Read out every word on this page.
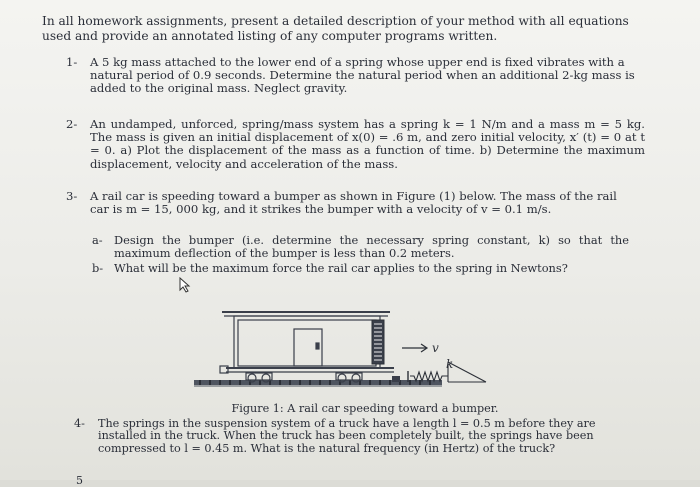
In all homework assignments, present a detailed description of your method with all equations used and provide an annotated listing of any computer programs written.
1- A 5 kg mass attached to the lower end of a spring whose upper end is fixed vibrates with a natural period of 0.9 seconds. Determine the natural period when an additional 2-kg mass is added to the original mass. Neglect gravity.
2- An undamped, unforced, spring/mass system has a spring k = 1 N/m and a mass m = 5 kg. The mass is given an initial displacement of x(0) = .6 m, and zero initial velocity, x′ (t) = 0 at t = 0. a) Plot the displacement of the mass as a function of time. b) Determine the maximum displacement, velocity and acceleration of the mass.
3- A rail car is speeding toward a bumper as shown in Figure (1) below. The mass of the rail car is m = 15, 000 kg, and it strikes the bumper with a velocity of v = 0.1 m/s.
a- Design the bumper (i.e. determine the necessary spring constant, k) so that the maximum deflection of the bumper is less than 0.2 meters.
b- What will be the maximum force the rail car applies to the spring in Newtons?
v
k
Figure 1: A rail car speeding toward a bumper.
4- The springs in the suspension system of a truck have a length l = 0.5 m before they are installed in the truck. When the truck has been completely built, the springs have been compressed to l = 0.45 m. What is the natural frequency (in Hertz) of the truck?
5
